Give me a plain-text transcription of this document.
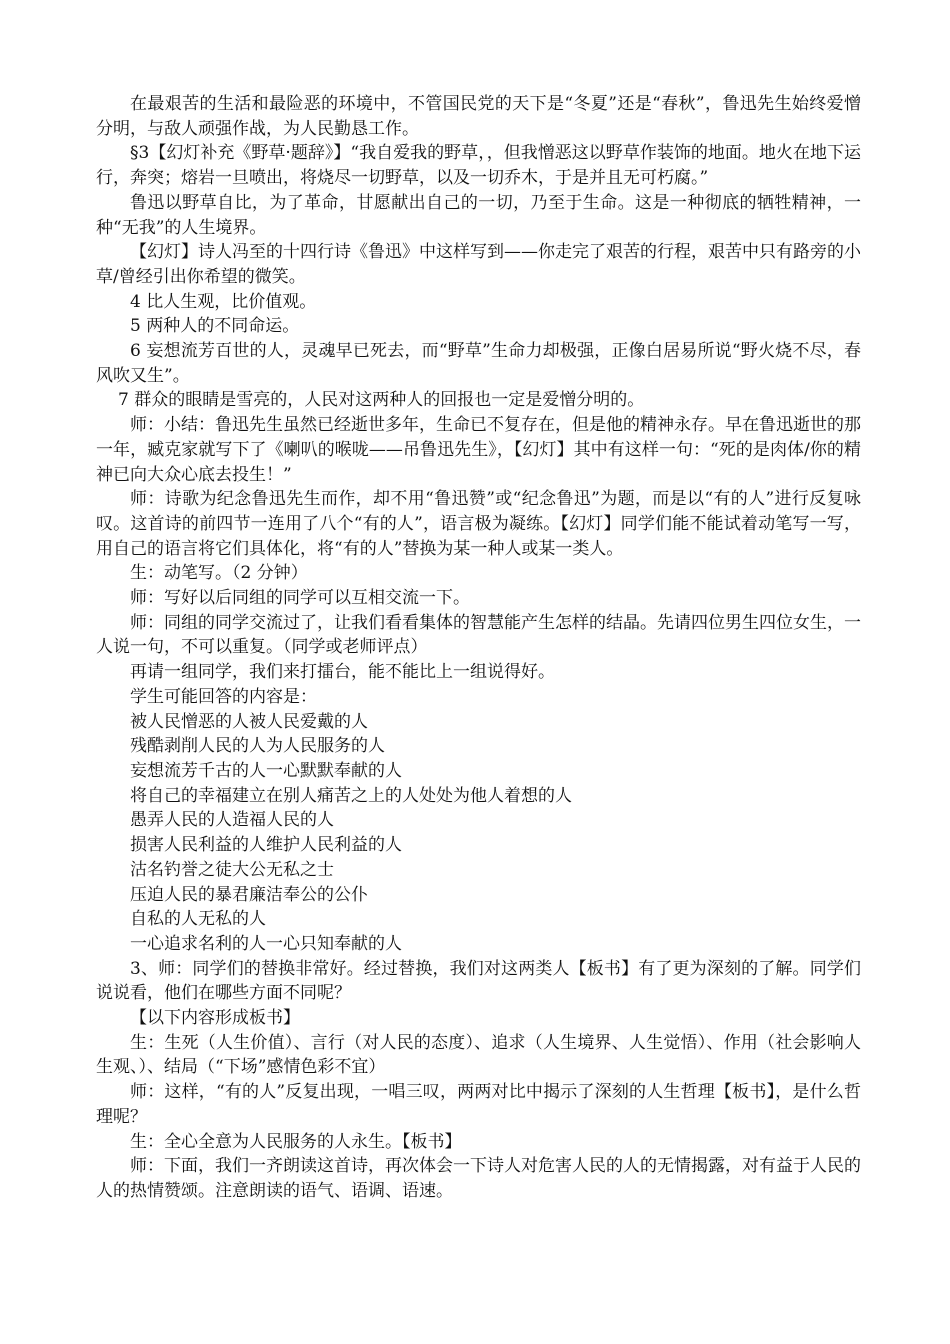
在最艰苦的生活和最险恶的环境中，不管国民党的天下是“冬夏”还是“春秋”，鲁迅先生始终爱憎分明，与敌人顽强作战，为人民勤恳工作。

§3【幻灯补充《野草·题辞》】“我自爱我的野草，，但我憎恶这以野草作装饰的地面。地火在地下运行，奔突；熔岩一旦喷出，将烧尽一切野草，以及一切乔木，于是并且无可朽腐。”

鲁迅以野草自比，为了革命，甘愿献出自己的一切，乃至于生命。这是一种彻底的牺牲精神，一种“无我”的人生境界。

【幻灯】诗人冯至的十四行诗《鲁迅》中这样写到——你走完了艰苦的行程，艰苦中只有路旁的小草/曾经引出你希望的微笑。

4 比人生观，比价值观。

5 两种人的不同命运。

6 妄想流芳百世的人，灵魂早已死去，而“野草”生命力却极强，正像白居易所说“野火烧不尽，春风吹又生”。

7 群众的眼睛是雪亮的，人民对这两种人的回报也一定是爱憎分明的。

师：小结：鲁迅先生虽然已经逝世多年，生命已不复存在，但是他的精神永存。早在鲁迅逝世的那一年，臧克家就写下了《喇叭的喉咙——吊鲁迅先生》，【幻灯】其中有这样一句：“死的是肉体/你的精神已向大众心底去投生！”

师：诗歌为纪念鲁迅先生而作，却不用“鲁迅赞”或“纪念鲁迅”为题，而是以“有的人”进行反复咏叹。这首诗的前四节一连用了八个“有的人”，语言极为凝练。【幻灯】同学们能不能试着动笔写一写，用自己的语言将它们具体化，将“有的人”替换为某一种人或某一类人。

生：动笔写。（2 分钟）

师：写好以后同组的同学可以互相交流一下。

师：同组的同学交流过了，让我们看看集体的智慧能产生怎样的结晶。先请四位男生四位女生，一人说一句，不可以重复。（同学或老师评点）

再请一组同学，我们来打擂台，能不能比上一组说得好。

学生可能回答的内容是：

被人民憎恶的人被人民爱戴的人

残酷剥削人民的人为人民服务的人

妄想流芳千古的人一心默默奉献的人

将自己的幸福建立在别人痛苦之上的人处处为他人着想的人

愚弄人民的人造福人民的人

损害人民利益的人维护人民利益的人

沽名钓誉之徒大公无私之士

压迫人民的暴君廉洁奉公的公仆

自私的人无私的人

一心追求名利的人一心只知奉献的人

3、师：同学们的替换非常好。经过替换，我们对这两类人【板书】有了更为深刻的了解。同学们说说看，他们在哪些方面不同呢？

【以下内容形成板书】

生：生死（人生价值）、言行（对人民的态度）、追求（人生境界、人生觉悟）、作用（社会影响人生观、）、结局（“下场”感情色彩不宜）

师：这样，“有的人”反复出现，一唱三叹，两两对比中揭示了深刻的人生哲理【板书】，是什么哲理呢？

生：全心全意为人民服务的人永生。【板书】

师：下面，我们一齐朗读这首诗，再次体会一下诗人对危害人民的人的无情揭露，对有益于人民的人的热情赞颂。注意朗读的语气、语调、语速。
